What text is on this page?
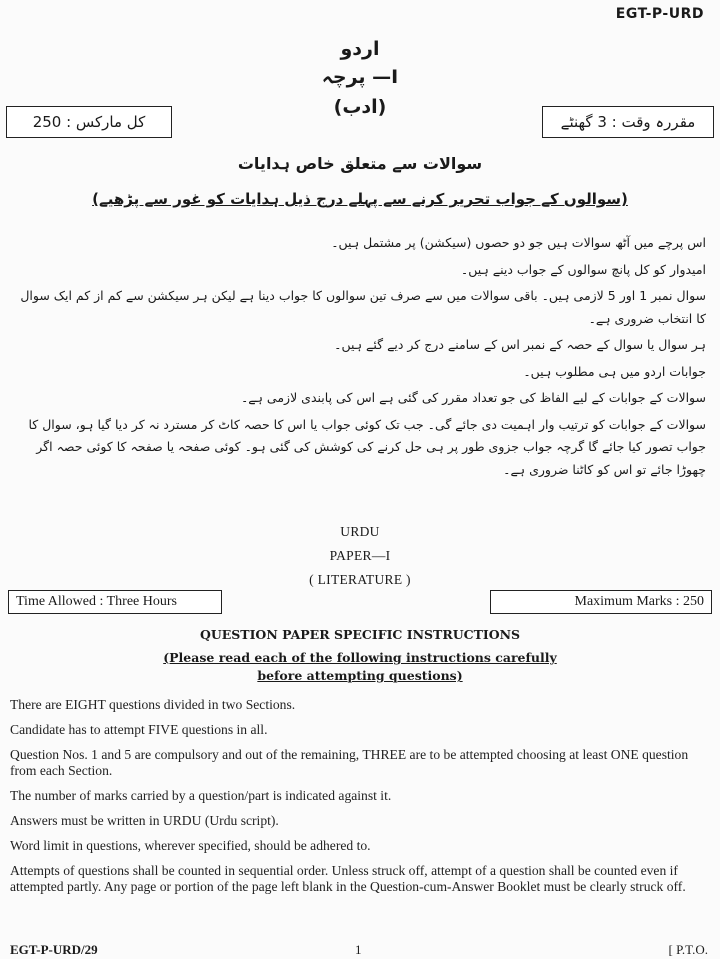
EGT-P-URD
اردو
پرچہ —I
(ادب)
کل مارکس : 250	مقررہ وقت : 3 گھنٹے
سوالات سے متعلق خاص ہدایات
(سوالوں کے جواب تحریر کرنے سے پہلے درج ذیل ہدایات کو غور سے پڑھیے)

اس پرچے میں آٹھ سوالات ہیں جو دو حصوں (سیکشن) پر مشتمل ہیں۔

امیدوار کو کل پانچ سوالوں کے جواب دینے ہیں۔

سوال نمبر 1 اور 5 لازمی ہیں۔ باقی سوالات میں سے صرف تین سوالوں کا جواب دینا ہے لیکن ہر سیکشن سے کم از کم ایک سوال کا انتخاب ضروری ہے۔

ہر سوال یا سوال کے حصہ کے نمبر اس کے سامنے درج کر دیے گئے ہیں۔

جوابات اردو میں ہی مطلوب ہیں۔

سوالات کے جوابات کے لیے الفاظ کی جو تعداد مقرر کی گئی ہے اس کی پابندی لازمی ہے۔

سوالات کے جوابات کو ترتیب وار اہمیت دی جائے گی۔ جب تک کوئی جواب یا اس کا حصہ کاٹ کر مسترد نہ کر دیا گیا ہو، سوال کا جواب تصور کیا جائے گا گرچہ جواب جزوی طور پر ہی حل کرنے کی کوشش کی گئی ہو۔ کوئی صفحہ یا صفحہ کا کوئی حصہ اگر چھوڑا جائے تو اس کو کاٹنا ضروری ہے۔

URDU
PAPER—I
( LITERATURE )
Time Allowed : Three Hours	Maximum Marks : 250
QUESTION PAPER SPECIFIC INSTRUCTIONS
(Please read each of the following instructions carefully
before attempting questions)

There are EIGHT questions divided in two Sections.

Candidate has to attempt FIVE questions in all.

Question Nos. 1 and 5 are compulsory and out of the remaining, THREE are to be attempted choosing at least ONE question from each Section.

The number of marks carried by a question/part is indicated against it.

Answers must be written in URDU (Urdu script).

Word limit in questions, wherever specified, should be adhered to.

Attempts of questions shall be counted in sequential order. Unless struck off, attempt of a question shall be counted even if attempted partly. Any page or portion of the page left blank in the Question-cum-Answer Booklet must be clearly struck off.

EGT-P-URD/29	1	[ P.T.O.
